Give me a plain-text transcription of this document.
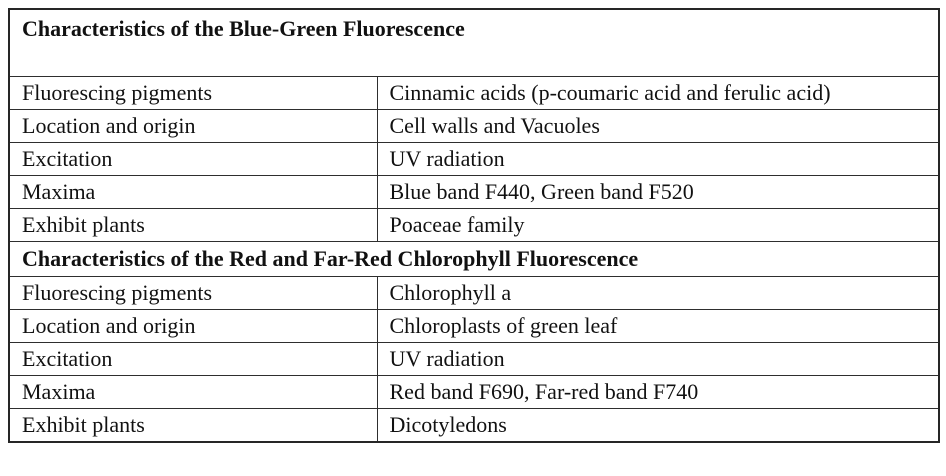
Characteristics of the Blue-Green Fluorescence	
Fluorescing pigments	Cinnamic acids (p-coumaric acid and ferulic acid)
Location and origin	Cell walls and Vacuoles
Excitation	UV radiation
Maxima	Blue band F440, Green band F520
Exhibit plants	Poaceae family
Characteristics of the Red and Far-Red Chlorophyll Fluorescence	
Fluorescing pigments	Chlorophyll a
Location and origin	Chloroplasts of green leaf
Excitation	UV radiation
Maxima	Red band F690, Far-red band F740
Exhibit plants	Dicotyledons
